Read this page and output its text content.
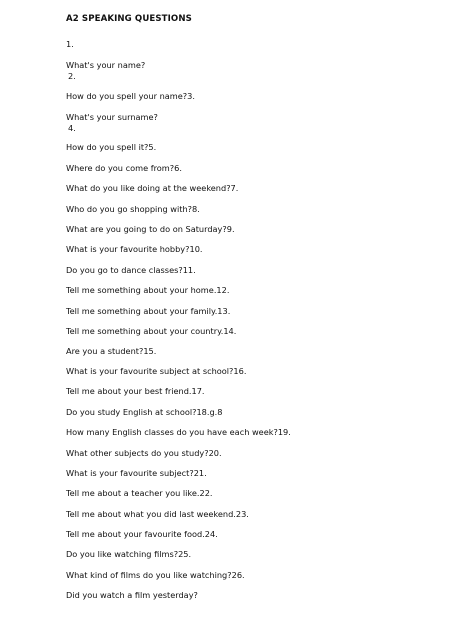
A2 SPEAKING QUESTIONS
1.
What's your name?
2.
How do you spell your name?3.
What's your surname?
4.
How do you spell it?5.
Where do you come from?6.
What do you like doing at the weekend?7.
Who do you go shopping with?8.
What are you going to do on Saturday?9.
What is your favourite hobby?10.
Do you go to dance classes?11.
Tell me something about your home.12.
Tell me something about your family.13.
Tell me something about your country.14.
Are you a student?15.
What is your favourite subject at school?16.
Tell me about your best friend.17.
Do you study English at school?18.g.8
How many English classes do you have each week?19.
What other subjects do you study?20.
What is your favourite subject?21.
Tell me about a teacher you like.22.
Tell me about what you did last weekend.23.
Tell me about your favourite food.24.
Do you like watching films?25.
What kind of films do you like watching?26.
Did you watch a film yesterday?
